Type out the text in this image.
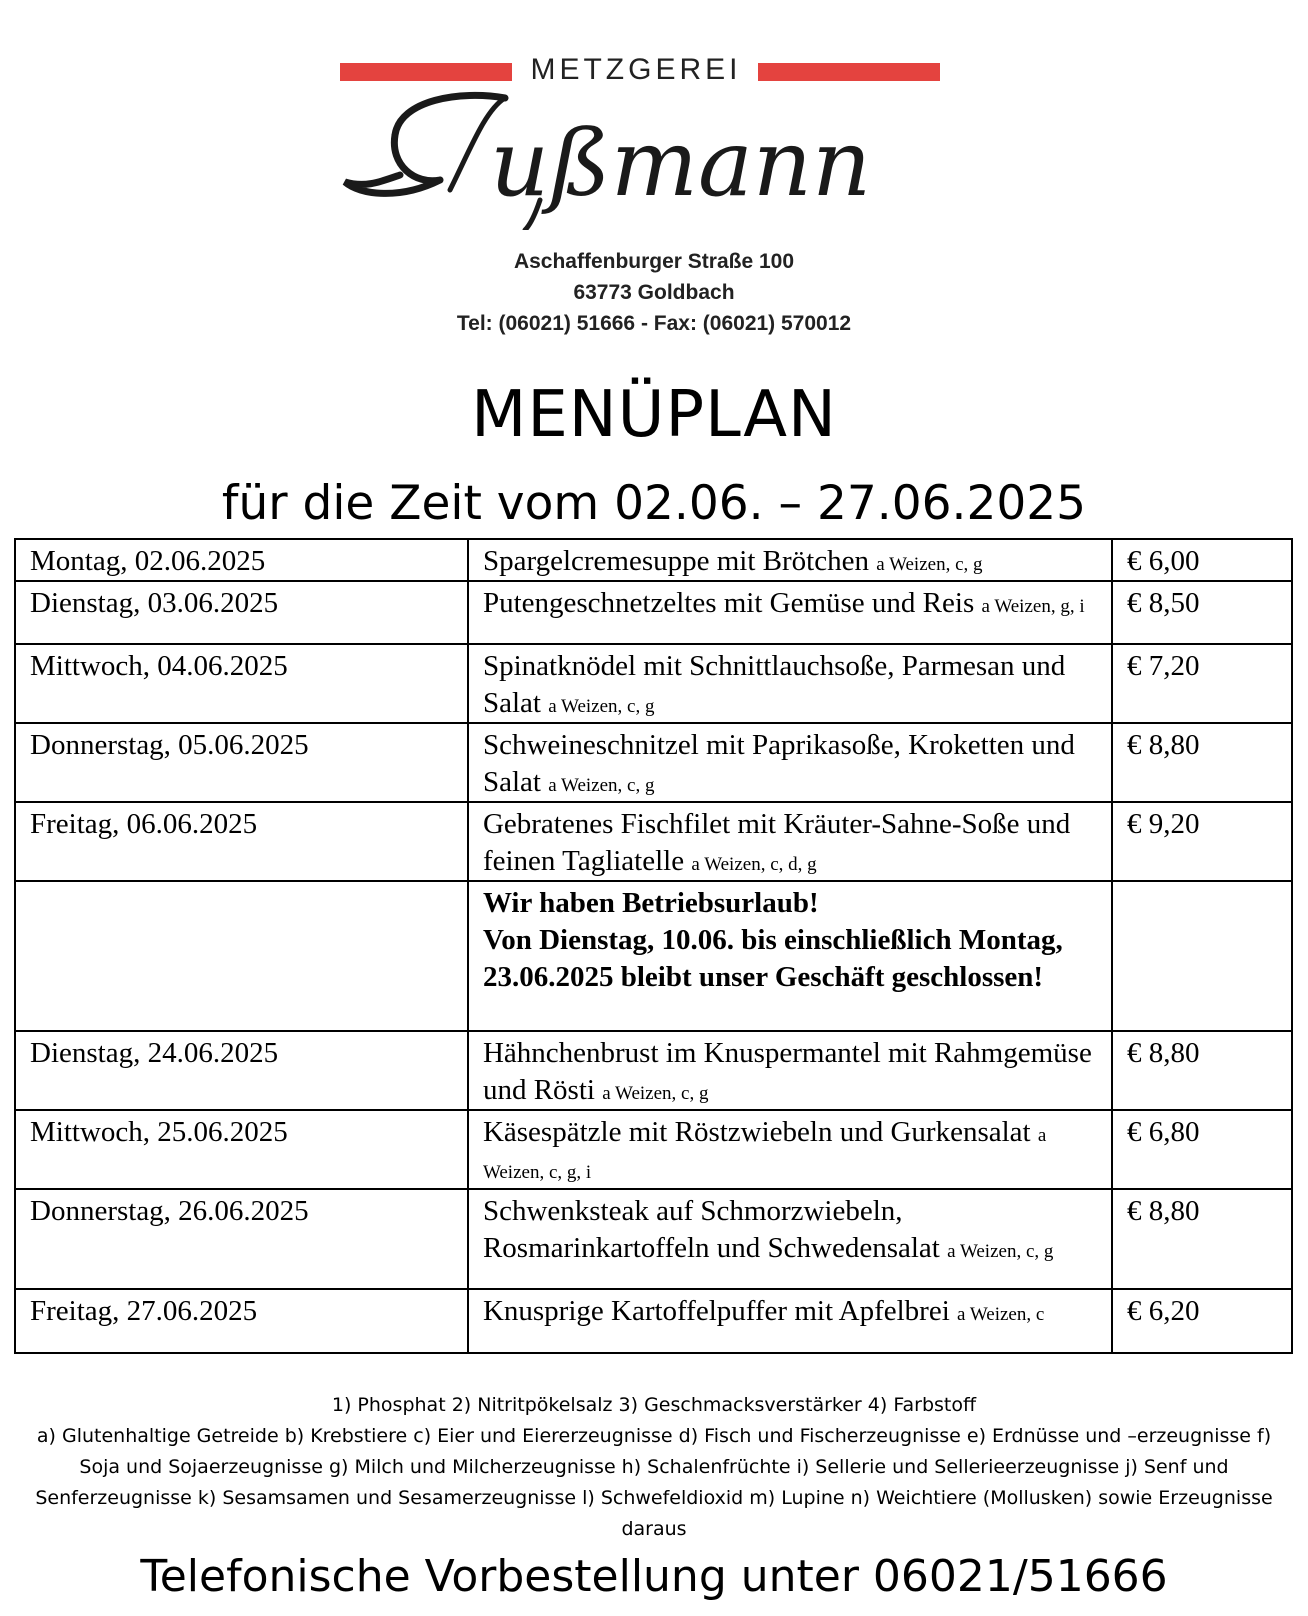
METZGEREI
ußmann
Aschaffenburger Straße 100
63773 Goldbach
Tel: (06021) 51666 - Fax: (06021) 570012
MENÜPLAN
für die Zeit vom 02.06. – 27.06.2025
Montag, 02.06.2025	Spargelcremesuppe mit Brötchen a Weizen, c, g	€ 6,00
Dienstag, 03.06.2025	Putengeschnetzeltes mit Gemüse und Reis a Weizen, g, i	€ 8,50
Mittwoch, 04.06.2025	Spinatknödel mit Schnittlauchsoße, Parmesan und Salat a Weizen, c, g	€ 7,20
Donnerstag, 05.06.2025	Schweineschnitzel mit Paprikasoße, Kroketten und Salat a Weizen, c, g	€ 8,80
Freitag, 06.06.2025	Gebratenes Fischfilet mit Kräuter-Sahne-Soße und feinen Tagliatelle a Weizen, c, d, g	€ 9,20

	Wir haben Betriebsurlaub!
Von Dienstag, 10.06. bis einschließlich Montag, 23.06.2025 bleibt unser Geschäft geschlossen!	

Dienstag, 24.06.2025	Hähnchenbrust im Knuspermantel mit Rahmgemüse und Rösti a Weizen, c, g	€ 8,80
Mittwoch, 25.06.2025	Käsespätzle mit Röstzwiebeln und Gurkensalat a Weizen, c, g, i	€ 6,80
Donnerstag, 26.06.2025	Schwenksteak auf Schmorzwiebeln, Rosmarinkartoffeln und Schwedensalat a Weizen, c, g	€ 8,80
Freitag, 27.06.2025	Knusprige Kartoffelpuffer mit Apfelbrei a Weizen, c	€ 6,20
1) Phosphat 2) Nitritpökelsalz 3) Geschmacksverstärker 4) Farbstoff
a) Glutenhaltige Getreide b) Krebstiere c) Eier und Eiererzeugnisse d) Fisch und Fischerzeugnisse e) Erdnüsse und –erzeugnisse f) Soja und Sojaerzeugnisse g) Milch und Milcherzeugnisse h) Schalenfrüchte i) Sellerie und Sellerieerzeugnisse j) Senf und Senferzeugnisse k) Sesamsamen und Sesamerzeugnisse l) Schwefeldioxid m) Lupine n) Weichtiere (Mollusken) sowie Erzeugnisse daraus
Telefonische Vorbestellung unter 06021/51666
